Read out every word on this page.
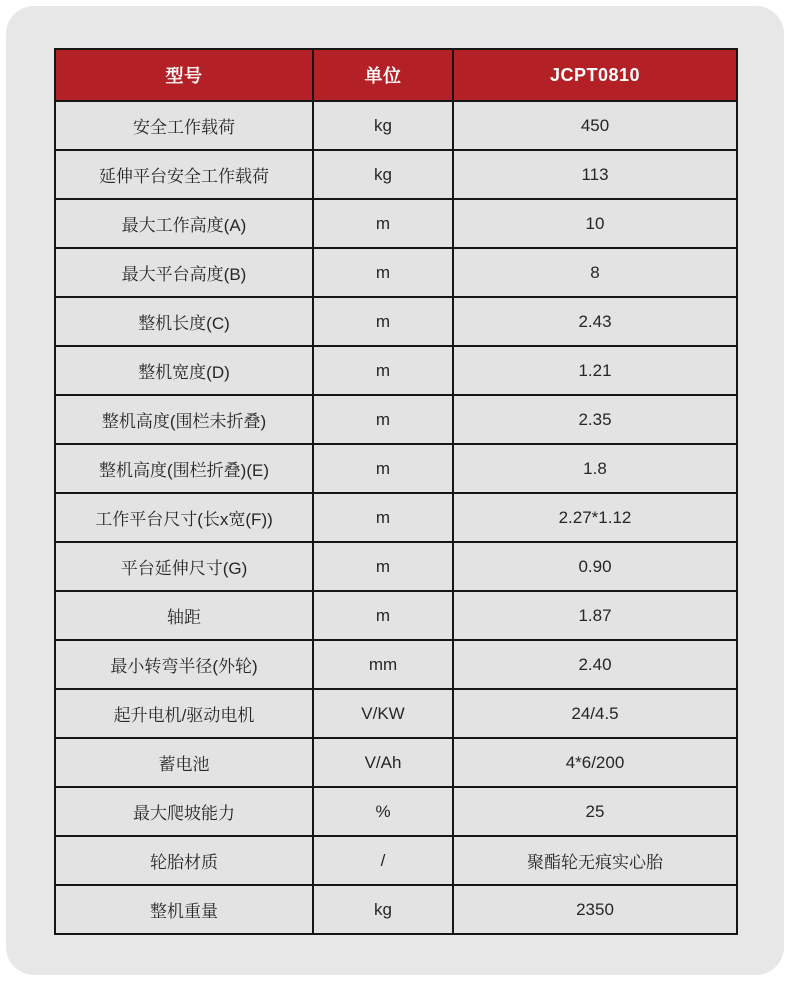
型号	单位	JCPT0810
安全工作载荷	kg	450
延伸平台安全工作载荷	kg	113
最大工作高度(A)	m	10
最大平台高度(B)	m	8
整机长度(C)	m	2.43
整机宽度(D)	m	1.21
整机高度(围栏未折叠)	m	2.35
整机高度(围栏折叠)(E)	m	1.8
工作平台尺寸(长x宽(F))	m	2.27*1.12
平台延伸尺寸(G)	m	0.90
轴距	m	1.87
最小转弯半径(外轮)	mm	2.40
起升电机/驱动电机	V/KW	24/4.5
蓄电池	V/Ah	4*6/200
最大爬坡能力	%	25
轮胎材质	/	聚酯轮无痕实心胎
整机重量	kg	2350
